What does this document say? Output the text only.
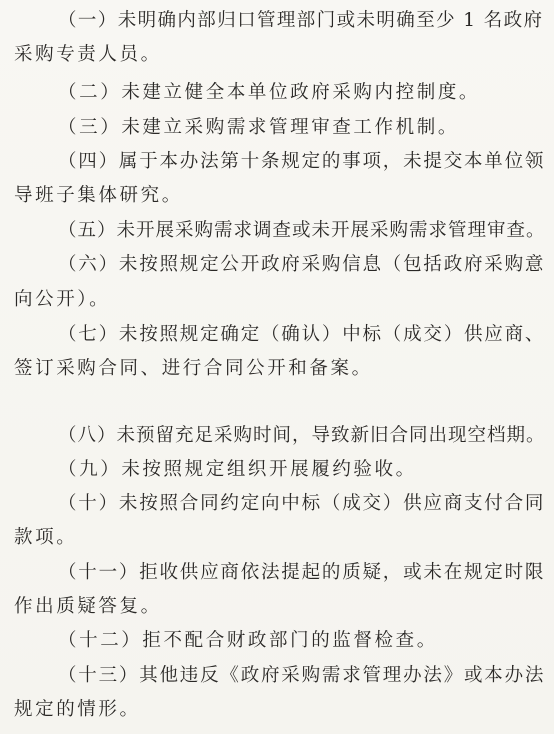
（一）未明确内部归口管理部门或未明确至少 1 名政府
采购专责人员。
（二）未建立健全本单位政府采购内控制度。
（三）未建立采购需求管理审查工作机制。
（四）属于本办法第十条规定的事项，未提交本单位领
导班子集体研究。
（五）未开展采购需求调查或未开展采购需求管理审查。
（六）未按照规定公开政府采购信息（包括政府采购意
向公开）。
（七）未按照规定确定（确认）中标（成交）供应商、
签订采购合同、进行合同公开和备案。
（八）未预留充足采购时间，导致新旧合同出现空档期。
（九）未按照规定组织开展履约验收。
（十）未按照合同约定向中标（成交）供应商支付合同
款项。
（十一）拒收供应商依法提起的质疑，或未在规定时限
作出质疑答复。
（十二）拒不配合财政部门的监督检查。
（十三）其他违反《政府采购需求管理办法》或本办法
规定的情形。
